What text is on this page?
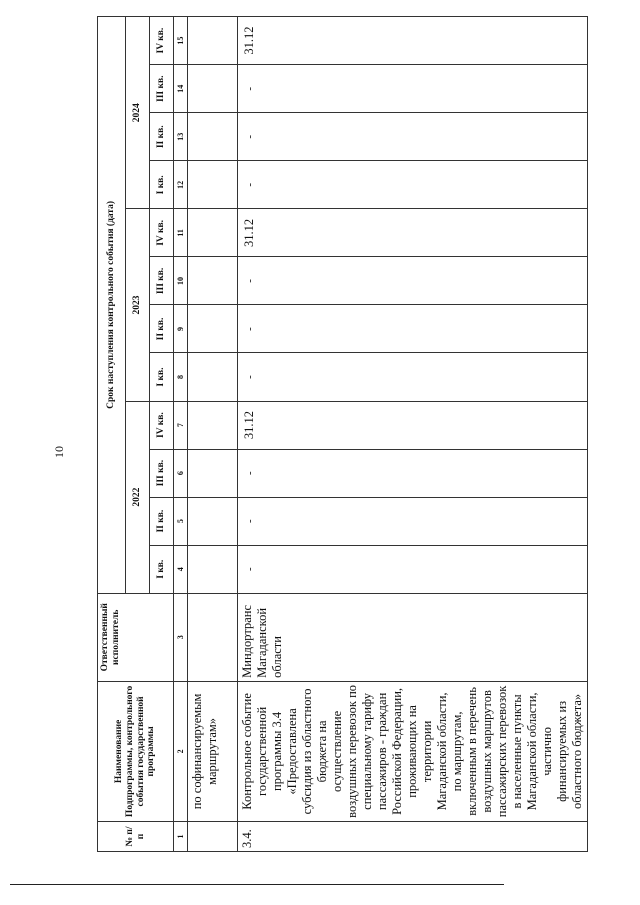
10
№ п/п	Наименование Подпрограммы, контрольного события государственной программы	Ответственный исполнитель	Срок наступления контрольного события (дата)											
			2022				2023				2024			
			I кв.	II кв.	III кв.	IV кв.	I кв.	II кв.	III кв.	IV кв.	I кв.	II кв.	III кв.	IV кв.
1	2	3	4	5	6	7	8	9	10	11	12	13	14	15
	по софинансируемым маршрутам»													
3.4.	Контрольное событие государственной программы 3.4 «Предоставлена субсидия из областного бюджета на осуществление воздушных перевозок по специальному тарифу пассажиров - граждан Российской Федерации, проживающих на территории Магаданской области, по маршрутам, включенным в перечень воздушных маршрутов пассажирских перевозок в населенные пункты Магаданской области, частично финансируемых из областного бюджета»	Миндортранс Магаданской области	-	-	-	31.12	-	-	-	31.12	-	-	-	31.12
